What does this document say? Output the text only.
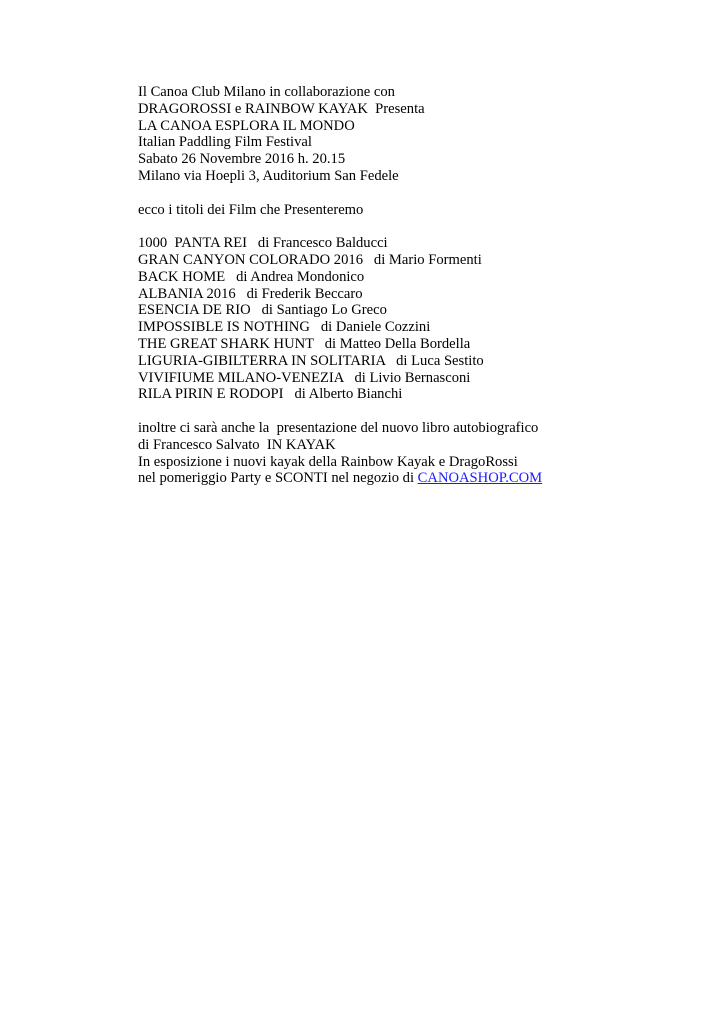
Il Canoa Club Milano in collaborazione con
DRAGOROSSI e RAINBOW KAYAK  Presenta
LA CANOA ESPLORA IL MONDO
Italian Paddling Film Festival
Sabato 26 Novembre 2016 h. 20.15
Milano via Hoepli 3, Auditorium San Fedele
ecco i titoli dei Film che Presenteremo
1000  PANTA REI   di Francesco Balducci
GRAN CANYON COLORADO 2016   di Mario Formenti
BACK HOME   di Andrea Mondonico
ALBANIA 2016   di Frederik Beccaro
ESENCIA DE RIO   di Santiago Lo Greco
IMPOSSIBLE IS NOTHING   di Daniele Cozzini
THE GREAT SHARK HUNT   di Matteo Della Bordella
LIGURIA-GIBILTERRA IN SOLITARIA   di Luca Sestito
VIVIFIUME MILANO-VENEZIA   di Livio Bernasconi
RILA PIRIN E RODOPI   di Alberto Bianchi
inoltre ci sarà anche la  presentazione del nuovo libro autobiografico
di Francesco Salvato  IN KAYAK
In esposizione i nuovi kayak della Rainbow Kayak e DragoRossi
nel pomeriggio Party e SCONTI nel negozio di CANOASHOP.COM
